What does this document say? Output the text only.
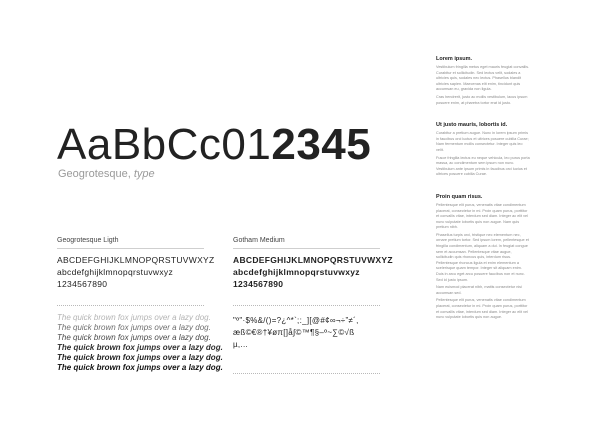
AaBbCc012345
Geogrotesque, type
Geogrotesque Ligth
ABCDEFGHIJKLMNOPQRSTUVWXYZ
abcdefghijklmnopqrstuvwxyz
1234567890
The quick brown fox jumps over a lazy dog.
The quick brown fox jumps over a lazy dog.
The quick brown fox jumps over a lazy dog.
The quick brown fox jumps over a lazy dog.
The quick brown fox jumps over a lazy dog.
The quick brown fox jumps over a lazy dog.
Gotham Medium
ABCDEFGHIJKLMNOPQRSTUVWXYZ
abcdefghijklmnopqrstuvwxyz
1234567890
"º"·$%&/()=?¿^*`;:_][@#¢∞¬÷”≠´,
æß©€®†¥øπ[]å∫©™¶§–º~∑©√ß
µ,...
Lorem ipsum.

Vestibulum fringilla metus eget mauris feugiat convallis. Curabitur et sollicitudin. Sed lectus velit, sodales a ultricies quis, sodales nec lectus. Phasellus blandit ultricies sapien. Maecenas elit enim, tincidunt quis accumsan eu, gravida non ligula.

Cras hendrerit, justo ac mollis vestibulum, lacus ipsum posuere enim, at pharetra tortor erat id justo.

Ut justo mauris, lobortis id.

Curabitur a pretium augue. Nunc in lorem ipsum primis in faucibus orci luctus et ultrices posuere cubilia Curae; Nam fermentum mollis consectetur. Integer quis leo velit.

Fusce fringilla lectus eu neque vehicula, leo purus porta massa, ac condimentum sem ipsum non nunc. Vestibulum ante ipsum primis in faucibus orci luctus et ultrices posuere cubilia Curae.

Proin quam risus.

Pellentesque elit purus, venenatis vitae condimentum placerat, consectetur in mi. Proin quam purus, porttitor et convallis vitae, interdum sed diam. Integer ac elit vel nunc vulputate lobortis quis non augue. Nam quis pretium nibh.

Phasellus turpis orci, tristique nec elementum nec, ornare pretium tortor. Sed ipsum lorem, pellentesque et fringilla condimentum, aliquam a dui. In feugiat congue sem et accumsan. Pellentesque vitae augue, sollicitudin quis rhoncus quis, interdum risus. Pellentesque rhoncus ligula et enim elementum a scelerisque quam tempor. Integer sit aliquam enim. Duis in arcu eget arcu posuere faucibus non et nunc. Sed id justo ipsum.

Nam euismod placerat nibh, mattis consectetur nisi accumsan sed.

Pellentesque elit purus, venenatis vitae condimentum placerat, consectetur in mi. Proin quam purus, porttitor et convallis vitae, interdum sed diam. Integer ac elit vel nunc vulputate lobortis quis non augue.
